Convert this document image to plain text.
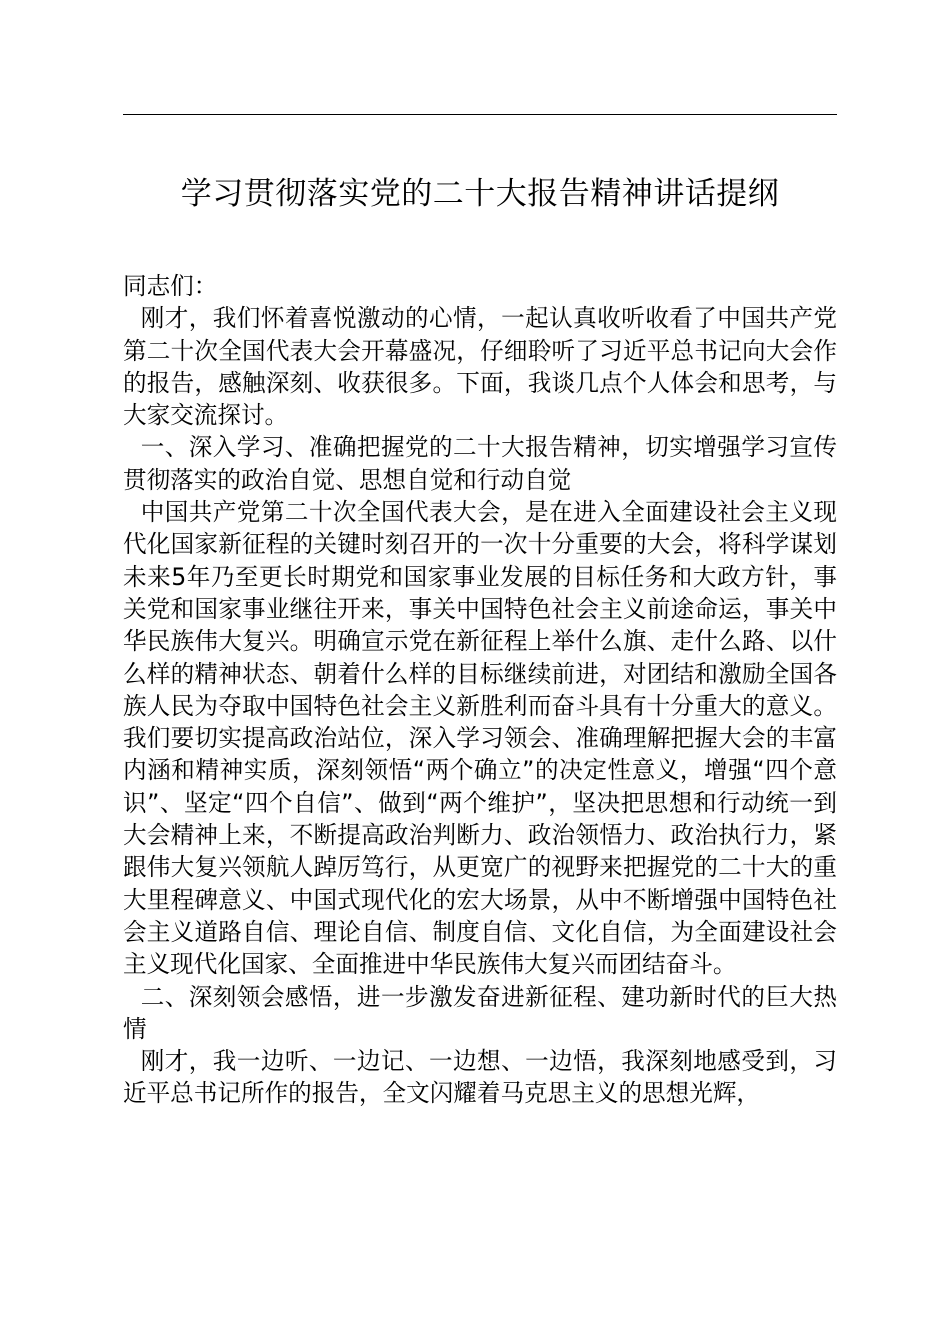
学习贯彻落实党的二十大报告精神讲话提纲

同志们：

刚才，我们怀着喜悦激动的心情，一起认真收听收看了中国共产党第二十次全国代表大会开幕盛况，仔细聆听了习近平总书记向大会作的报告，感触深刻、收获很多。下面，我谈几点个人体会和思考，与大家交流探讨。

一、深入学习、准确把握党的二十大报告精神，切实增强学习宣传贯彻落实的政治自觉、思想自觉和行动自觉

中国共产党第二十次全国代表大会，是在进入全面建设社会主义现代化国家新征程的关键时刻召开的一次十分重要的大会，将科学谋划未来5年乃至更长时期党和国家事业发展的目标任务和大政方针，事关党和国家事业继往开来，事关中国特色社会主义前途命运，事关中华民族伟大复兴。明确宣示党在新征程上举什么旗、走什么路、以什么样的精神状态、朝着什么样的目标继续前进，对团结和激励全国各族人民为夺取中国特色社会主义新胜利而奋斗具有十分重大的意义。我们要切实提高政治站位，深入学习领会、准确理解把握大会的丰富内涵和精神实质，深刻领悟“两个确立”的决定性意义，增强“四个意识”、坚定“四个自信”、做到“两个维护”，坚决把思想和行动统一到大会精神上来，不断提高政治判断力、政治领悟力、政治执行力，紧跟伟大复兴领航人踔厉笃行，从更宽广的视野来把握党的二十大的重大里程碑意义、中国式现代化的宏大场景，从中不断增强中国特色社会主义道路自信、理论自信、制度自信、文化自信，为全面建设社会主义现代化国家、全面推进中华民族伟大复兴而团结奋斗。

二、深刻领会感悟，进一步激发奋进新征程、建功新时代的巨大热情

刚才，我一边听、一边记、一边想、一边悟，我深刻地感受到，习近平总书记所作的报告，全文闪耀着马克思主义的思想光辉，
